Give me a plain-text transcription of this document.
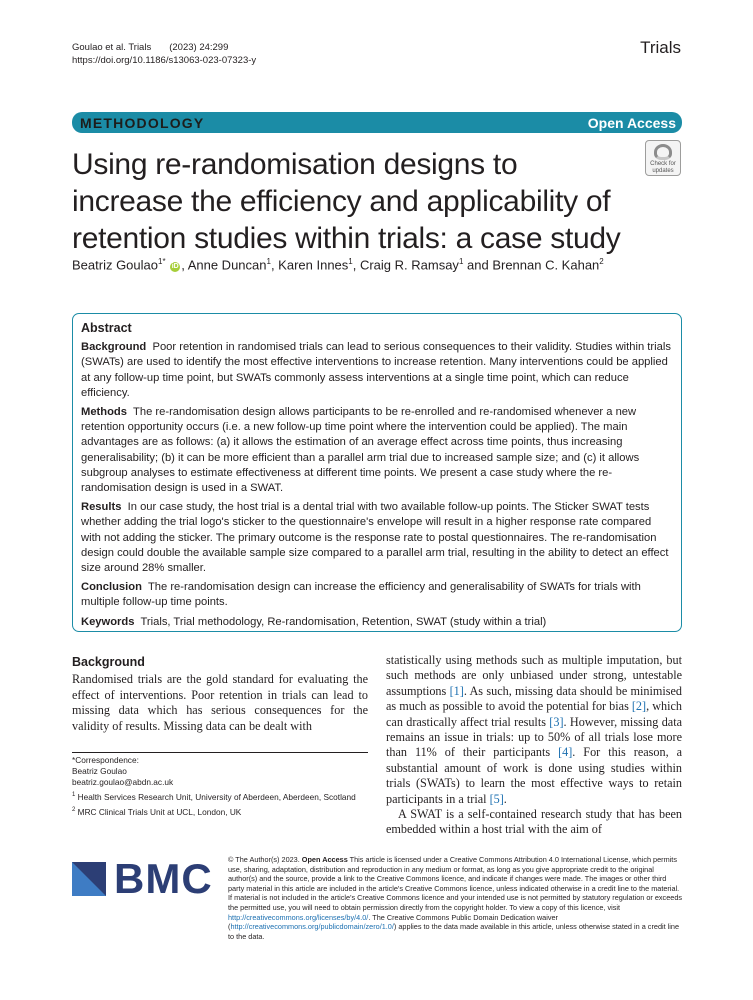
Goulao et al. Trials (2023) 24:299
https://doi.org/10.1186/s13063-023-07323-y
Trials
METHODOLOGY	Open Access
Using re-randomisation designs to increase the efficiency and applicability of retention studies within trials: a case study
Check for updates
Beatriz Goulao$^{1*}$ iD , Anne Duncan$^1$, Karen Innes$^1$, Craig R. Ramsay$^1$ and Brennan C. Kahan$^2$
Abstract

Background Poor retention in randomised trials can lead to serious consequences to their validity. Studies within trials (SWATs) are used to identify the most effective interventions to increase retention. Many interventions could be applied at any follow-up time point, but SWATs commonly assess interventions at a single time point, which can reduce efficiency.

Methods The re-randomisation design allows participants to be re-enrolled and re-randomised whenever a new retention opportunity occurs (i.e. a new follow-up time point where the intervention could be applied). The main advantages are as follows: (a) it allows the estimation of an average effect across time points, thus increasing generalisability; (b) it can be more efficient than a parallel arm trial due to increased sample size; and (c) it allows subgroup analyses to estimate effectiveness at different time points. We present a case study where the re-randomisation design is used in a SWAT.

Results In our case study, the host trial is a dental trial with two available follow-up points. The Sticker SWAT tests whether adding the trial logo's sticker to the questionnaire's envelope will result in a higher response rate compared with not adding the sticker. The primary outcome is the response rate to postal questionnaires. The re-randomisation design could double the available sample size compared to a parallel arm trial, resulting in the ability to detect an effect size around 28% smaller.

Conclusion The re-randomisation design can increase the efficiency and generalisability of SWATs for trials with multiple follow-up time points.

Keywords Trials, Trial methodology, Re-randomisation, Retention, SWAT (study within a trial)

Background

Randomised trials are the gold standard for evaluating the effect of interventions. Poor retention in trials can lead to missing data which has serious consequences for the validity of results. Missing data can be dealt with

statistically using methods such as multiple imputation, but such methods are only unbiased under strong, untestable assumptions [1]. As such, missing data should be minimised as much as possible to avoid the potential for bias [2], which can drastically affect trial results [3]. However, missing data remains an issue in trials: up to 50% of all trials lose more than 11% of their participants [4]. For this reason, a substantial amount of work is done using studies within trials (SWATs) to learn the most effective ways to retain participants in a trial [5].

A SWAT is a self-contained research study that has been embedded within a host trial with the aim of

*Correspondence:
Beatriz Goulao
beatriz.goulao@abdn.ac.uk
$^1$ Health Services Research Unit, University of Aberdeen, Aberdeen, Scotland
$^2$ MRC Clinical Trials Unit at UCL, London, UK
BMC © The Author(s) 2023. Open Access This article is licensed under a Creative Commons Attribution 4.0 International License, which permits use, sharing, adaptation, distribution and reproduction in any medium or format, as long as you give appropriate credit to the original author(s) and the source, provide a link to the Creative Commons licence, and indicate if changes were made. The images or other third party material in this article are included in the article's Creative Commons licence, unless indicated otherwise in a credit line to the material. If material is not included in the article's Creative Commons licence and your intended use is not permitted by statutory regulation or exceeds the permitted use, you will need to obtain permission directly from the copyright holder. To view a copy of this licence, visit http://creativecommons.org/licenses/by/4.0/. The Creative Commons Public Domain Dedication waiver (http://creativecommons.org/publicdomain/zero/1.0/) applies to the data made available in this article, unless otherwise stated in a credit line to the data.
